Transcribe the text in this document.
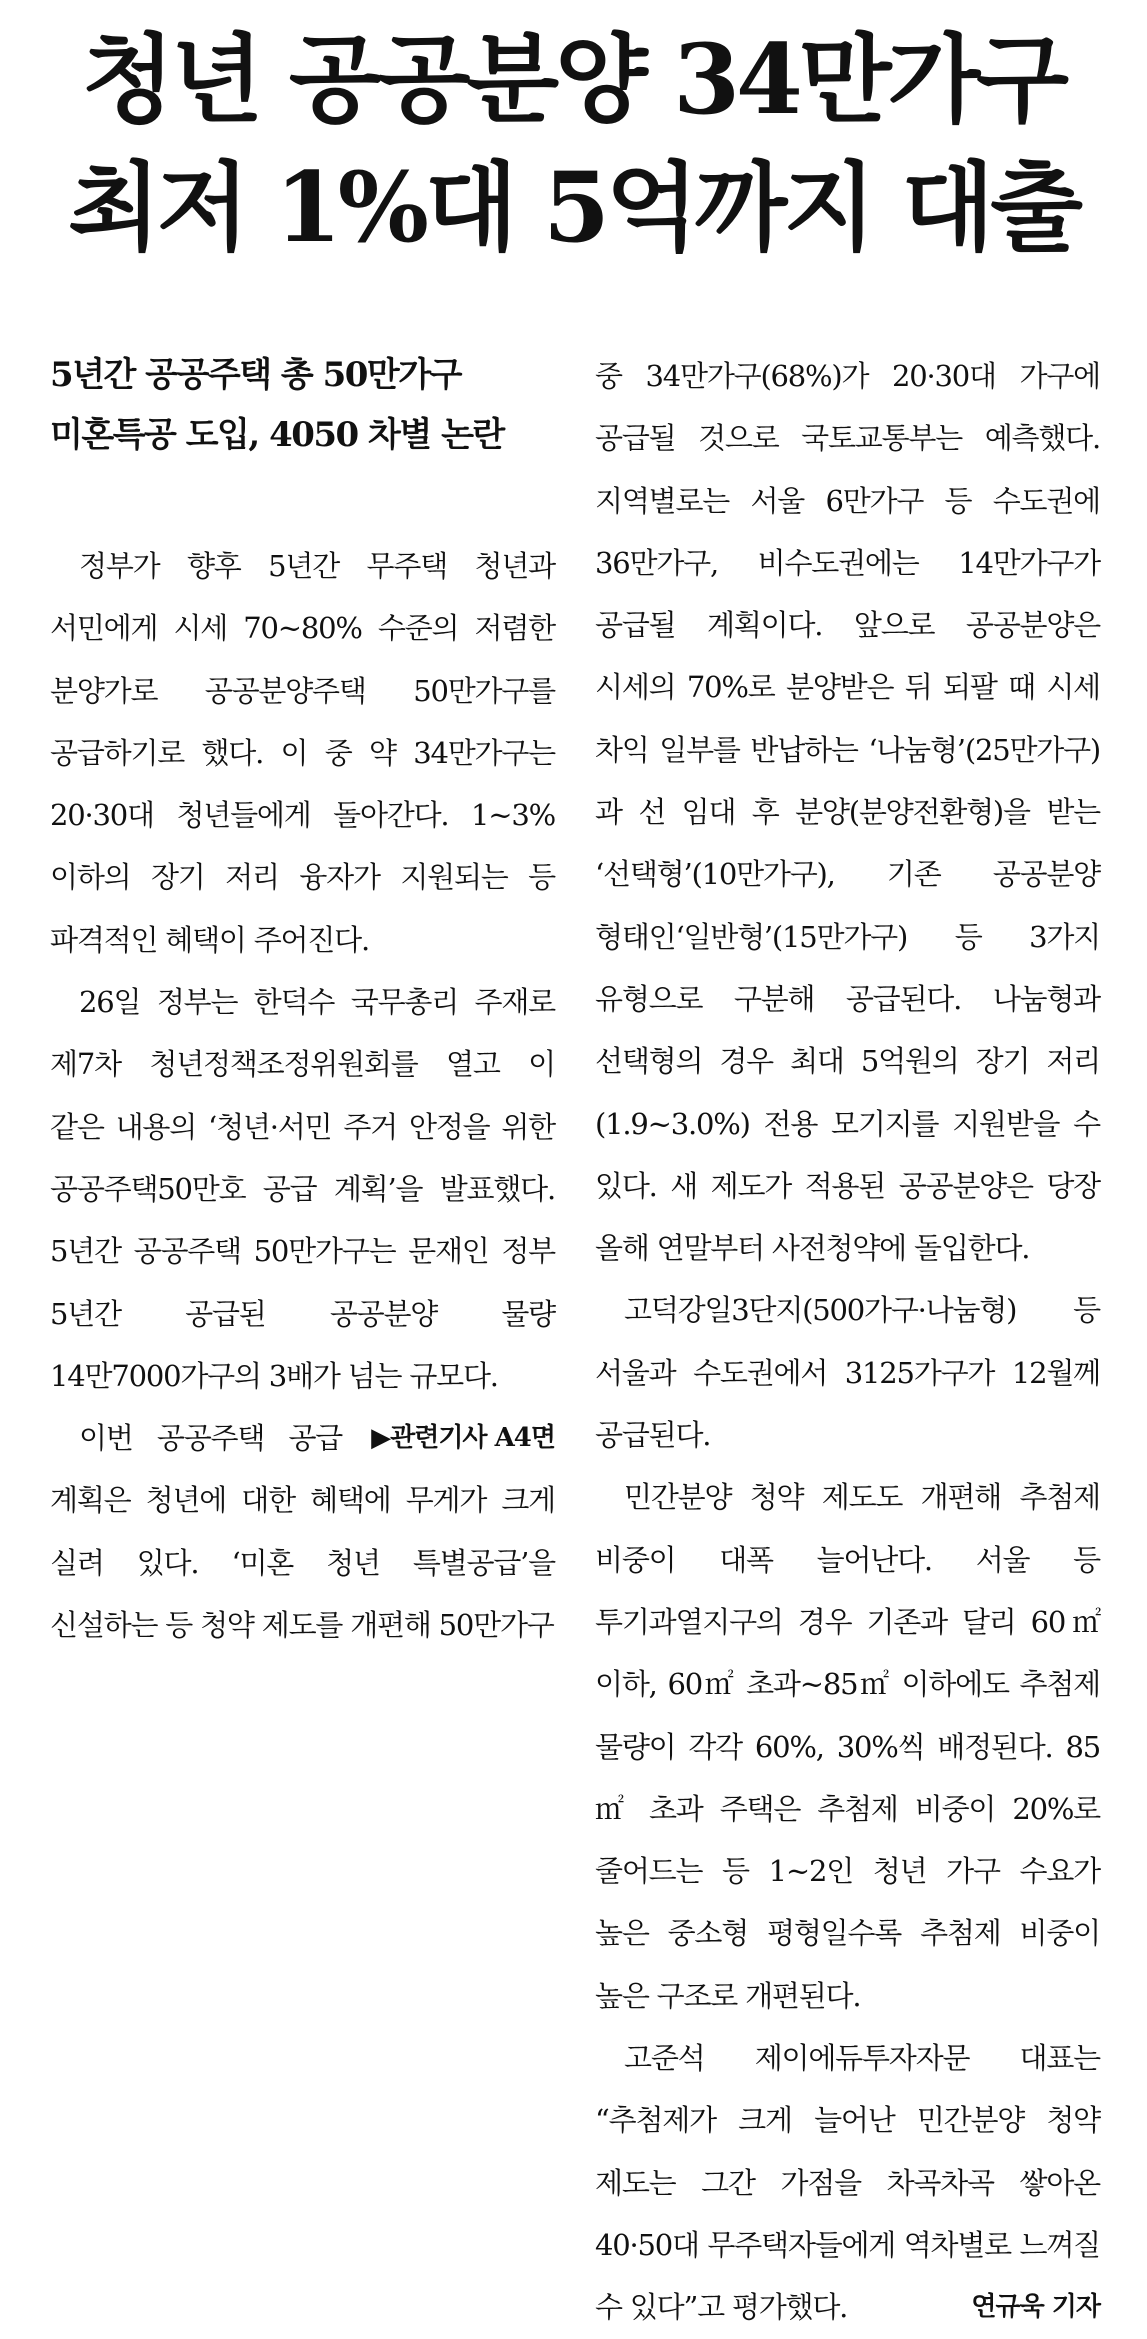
청년 공공분양 34만가구
최저 1%대 5억까지 대출
5년간 공공주택 총 50만가구
미혼특공 도입, 4050 차별 논란

정부가 향후 5년간 무주택 청년과 서민에게 시세 70~80% 수준의 저렴한 분양가로 공공분양주택 50만가구를 공급하기로 했다. 이 중 약 34만가구는 20·30대 청년들에게 돌아간다. 1~3% 이하의 장기 저리 융자가 지원되는 등 파격적인 혜택이 주어진다.

26일 정부는 한덕수 국무총리 주재로 제7차 청년정책조정위원회를 열고 이 같은 내용의 ‘청년·서민 주거 안정을 위한 공공주택50만호 공급 계획’을 발표했다. 5년간 공공주택 50만가구는 문재인 정부 5년간 공급된 공공분양 물량 14만7000가구의 3배가 넘는 규모다.
▶관련기사 A4면

이번 공공주택 공급 계획은 청년에 대한 혜택에 무게가 크게 실려 있다. ‘미혼 청년 특별공급’을 신설하는 등 청약 제도를 개편해 50만가구

중 34만가구(68%)가 20·30대 가구에 공급될 것으로 국토교통부는 예측했다. 지역별로는 서울 6만가구 등 수도권에 36만가구, 비수도권에는 14만가구가 공급될 계획이다. 앞으로 공공분양은 시세의 70%로 분양받은 뒤 되팔 때 시세 차익 일부를 반납하는 ‘나눔형’(25만가구)과 선 임대 후 분양(분양전환형)을 받는 ‘선택형’(10만가구), 기존 공공분양 형태인‘일반형’(15만가구) 등 3가지 유형으로 구분해 공급된다. 나눔형과 선택형의 경우 최대 5억원의 장기 저리(1.9~3.0%) 전용 모기지를 지원받을 수 있다. 새 제도가 적용된 공공분양은 당장 올해 연말부터 사전청약에 돌입한다.

고덕강일3단지(500가구·나눔형) 등 서울과 수도권에서 3125가구가 12월께 공급된다.

민간분양 청약 제도도 개편해 추첨제 비중이 대폭 늘어난다. 서울 등 투기과열지구의 경우 기존과 달리 60㎡ 이하, 60㎡ 초과~85㎡ 이하에도 추첨제 물량이 각각 60%, 30%씩 배정된다. 85㎡ 초과 주택은 추첨제 비중이 20%로 줄어드는 등 1~2인 청년 가구 수요가 높은 중소형 평형일수록 추첨제 비중이 높은 구조로 개편된다.

고준석 제이에듀투자자문 대표는 “추첨제가 크게 늘어난 민간분양 청약 제도는 그간 가점을 차곡차곡 쌓아온 40·50대 무주택자들에게 역차별로 느껴질 수 있다”고 평가했다.	연규욱 기자
